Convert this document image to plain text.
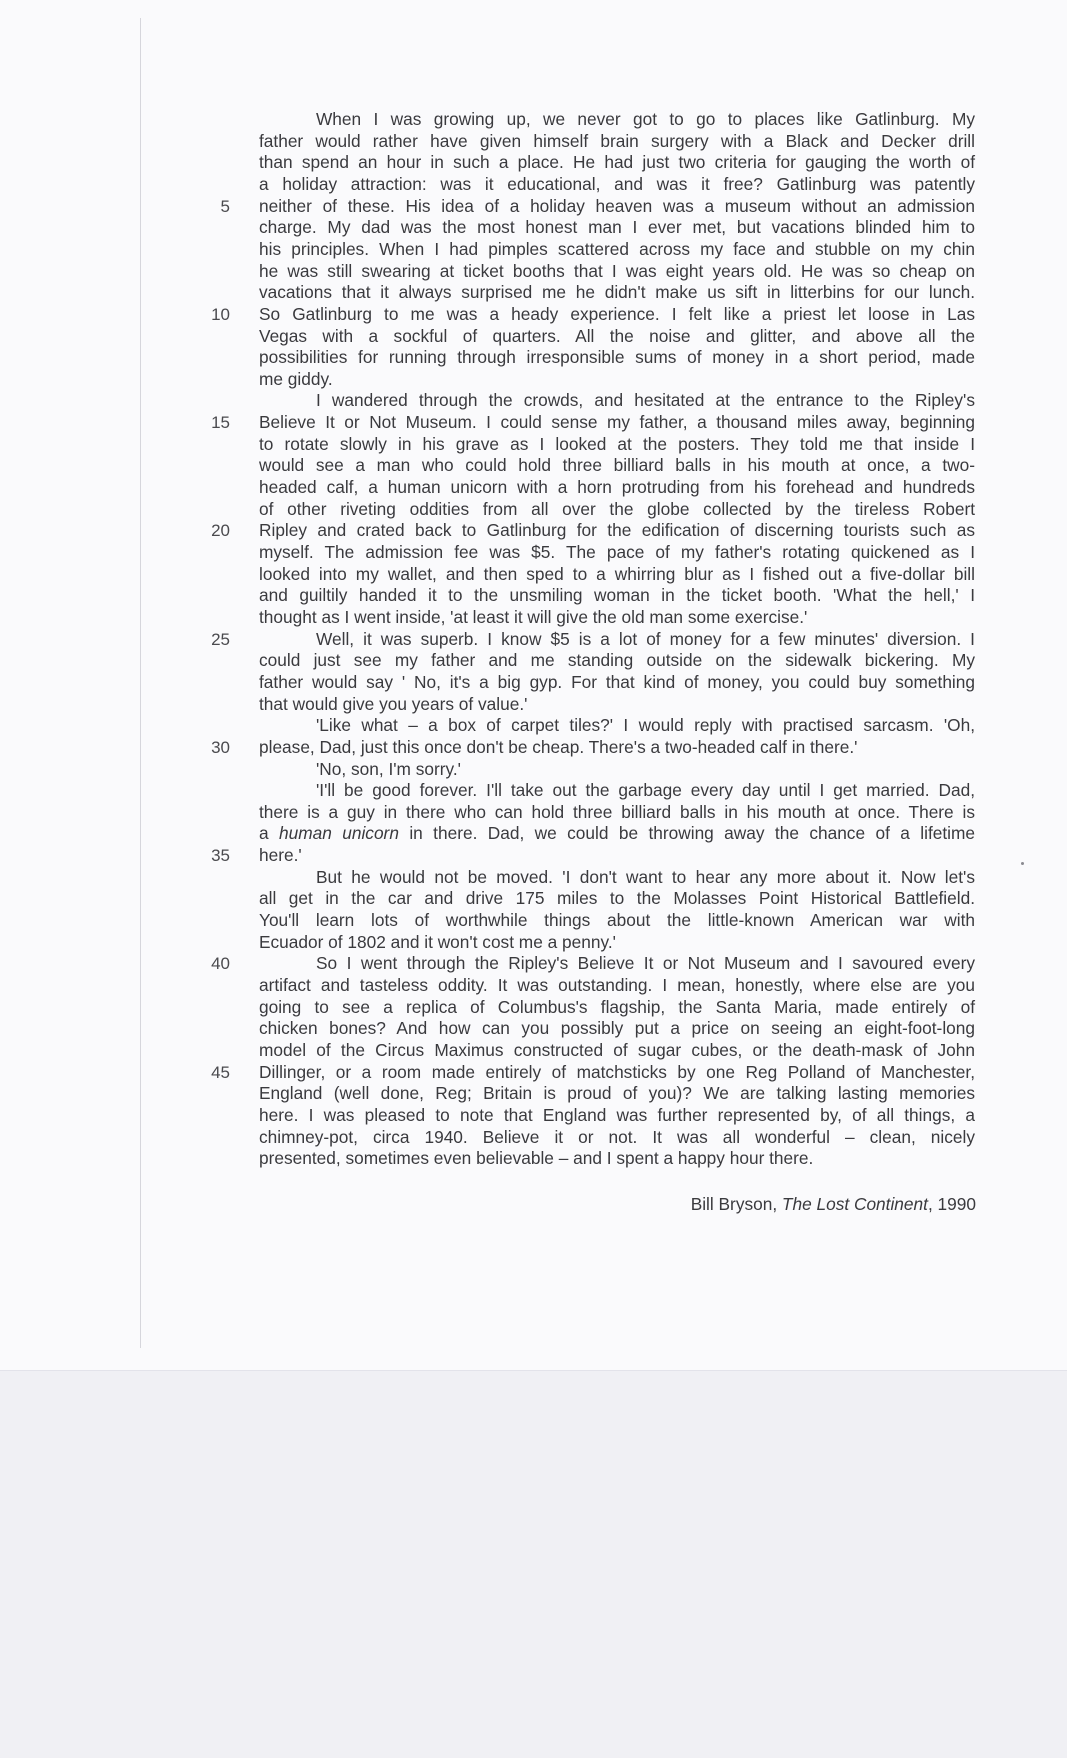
When I was growing up, we never got to go to places like Gatlinburg. My
father would rather have given himself brain surgery with a Black and Decker drill
than spend an hour in such a place. He had just two criteria for gauging the worth of
a holiday attraction: was it educational, and was it free? Gatlinburg was patently
neither of these. His idea of a holiday heaven was a museum without an admission
5
charge. My dad was the most honest man I ever met, but vacations blinded him to
his principles. When I had pimples scattered across my face and stubble on my chin
he was still swearing at ticket booths that I was eight years old. He was so cheap on
vacations that it always surprised me he didn't make us sift in litterbins for our lunch.
So Gatlinburg to me was a heady experience. I felt like a priest let loose in Las
10
Vegas with a sockful of quarters. All the noise and glitter, and above all the
possibilities for running through irresponsible sums of money in a short period, made
me giddy.
I wandered through the crowds, and hesitated at the entrance to the Ripley's
Believe It or Not Museum. I could sense my father, a thousand miles away, beginning
15
to rotate slowly in his grave as I looked at the posters. They told me that inside I
would see a man who could hold three billiard balls in his mouth at once, a two-
headed calf, a human unicorn with a horn protruding from his forehead and hundreds
of other riveting oddities from all over the globe collected by the tireless Robert
Ripley and crated back to Gatlinburg for the edification of discerning tourists such as
20
myself. The admission fee was $5. The pace of my father's rotating quickened as I
looked into my wallet, and then sped to a whirring blur as I fished out a five-dollar bill
and guiltily handed it to the unsmiling woman in the ticket booth. 'What the hell,' I
thought as I went inside, 'at least it will give the old man some exercise.'
Well, it was superb. I know $5 is a lot of money for a few minutes' diversion. I
25
could just see my father and me standing outside on the sidewalk bickering. My
father would say ' No, it's a big gyp. For that kind of money, you could buy something
that would give you years of value.'
'Like what – a box of carpet tiles?' I would reply with practised sarcasm. 'Oh,
please, Dad, just this once don't be cheap. There's a two-headed calf in there.'
30
'No, son, I'm sorry.'
'I'll be good forever. I'll take out the garbage every day until I get married. Dad,
there is a guy in there who can hold three billiard balls in his mouth at once. There is
a human unicorn in there. Dad, we could be throwing away the chance of a lifetime
here.'
35
But he would not be moved. 'I don't want to hear any more about it. Now let's
all get in the car and drive 175 miles to the Molasses Point Historical Battlefield.
You'll learn lots of worthwhile things about the little-known American war with
Ecuador of 1802 and it won't cost me a penny.'
So I went through the Ripley's Believe It or Not Museum and I savoured every
40
artifact and tasteless oddity. It was outstanding. I mean, honestly, where else are you
going to see a replica of Columbus's flagship, the Santa Maria, made entirely of
chicken bones? And how can you possibly put a price on seeing an eight-foot-long
model of the Circus Maximus constructed of sugar cubes, or the death-mask of John
Dillinger, or a room made entirely of matchsticks by one Reg Polland of Manchester,
45
England (well done, Reg; Britain is proud of you)? We are talking lasting memories
here. I was pleased to note that England was further represented by, of all things, a
chimney-pot, circa 1940. Believe it or not. It was all wonderful – clean, nicely
presented, sometimes even believable – and I spent a happy hour there.
Bill Bryson, The Lost Continent, 1990
